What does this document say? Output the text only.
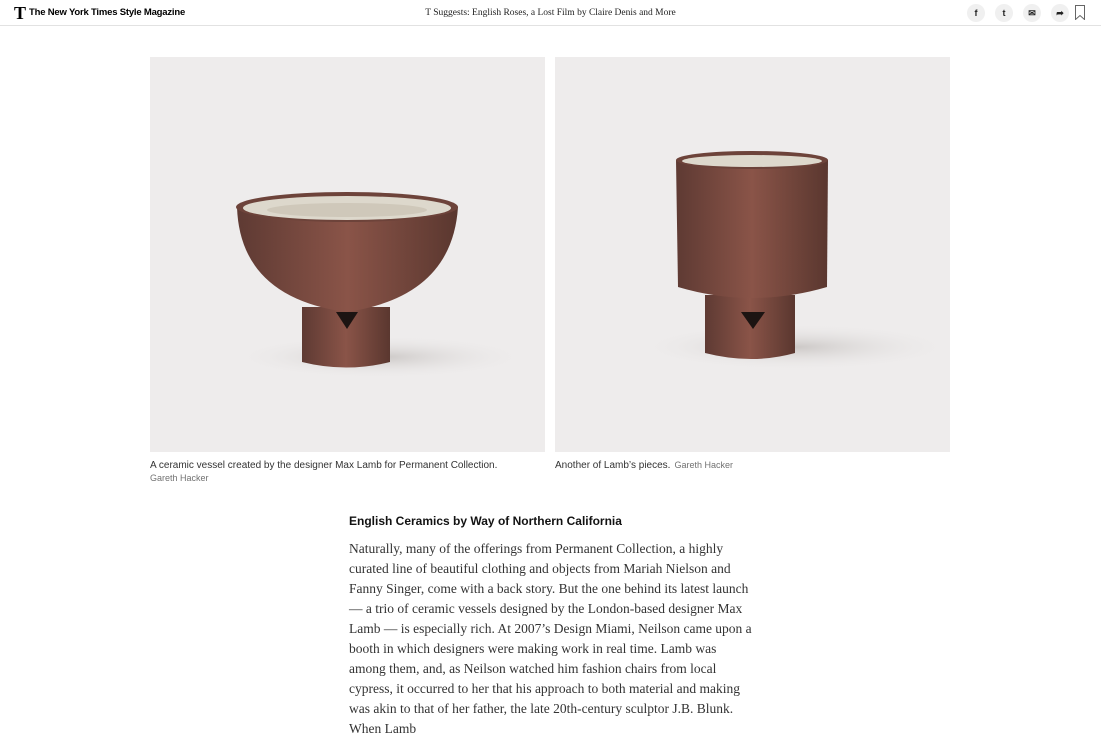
T The New York Times Style Magazine	T Suggests: English Roses, a Lost Film by Claire Denis and More	f	t	✉	➦
A ceramic vessel created by the designer Max Lamb for Permanent Collection.
Gareth Hacker
Another of Lamb’s pieces. Gareth Hacker
English Ceramics by Way of Northern California

Naturally, many of the offerings from Permanent Collection, a highly curated line of beautiful clothing and objects from Mariah Nielson and Fanny Singer, come with a back story. But the one behind its latest launch — a trio of ceramic vessels designed by the London-based designer Max Lamb — is especially rich. At 2007’s Design Miami, Neilson came upon a booth in which designers were making work in real time. Lamb was among them, and, as Neilson watched him fashion chairs from local cypress, it occurred to her that his approach to both material and making was akin to that of her father, the late 20th-century sculptor J.B. Blunk. When Lamb
